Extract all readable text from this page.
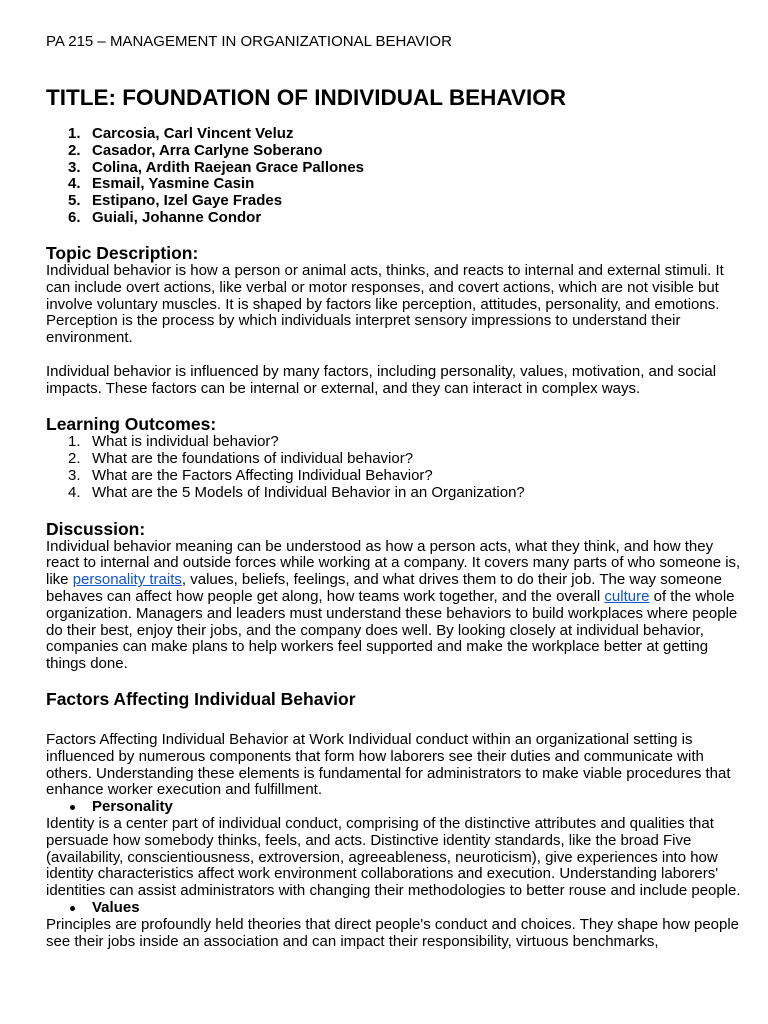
PA 215 – MANAGEMENT IN ORGANIZATIONAL BEHAVIOR
TITLE: FOUNDATION OF INDIVIDUAL BEHAVIOR
1. Carcosia, Carl Vincent Veluz
2. Casador, Arra Carlyne Soberano
3. Colina, Ardith Raejean Grace Pallones
4. Esmail, Yasmine Casin
5. Estipano, Izel Gaye Frades
6. Guiali, Johanne Condor
Topic Description:

Individual behavior is how a person or animal acts, thinks, and reacts to internal and external stimuli. It can include overt actions, like verbal or motor responses, and covert actions, which are not visible but involve voluntary muscles. It is shaped by factors like perception, attitudes, personality, and emotions. Perception is the process by which individuals interpret sensory impressions to understand their environment.

Individual behavior is influenced by many factors, including personality, values, motivation, and social impacts. These factors can be internal or external, and they can interact in complex ways.

Learning Outcomes:
1. What is individual behavior?
2. What are the foundations of individual behavior?
3. What are the Factors Affecting Individual Behavior?
4. What are the 5 Models of Individual Behavior in an Organization?
Discussion:

Individual behavior meaning can be understood as how a person acts, what they think, and how they react to internal and outside forces while working at a company. It covers many parts of who someone is, like personality traits, values, beliefs, feelings, and what drives them to do their job. The way someone behaves can affect how people get along, how teams work together, and the overall culture of the whole organization. Managers and leaders must understand these behaviors to build workplaces where people do their best, enjoy their jobs, and the company does well. By looking closely at individual behavior, companies can make plans to help workers feel supported and make the workplace better at getting things done.

Factors Affecting Individual Behavior

Factors Affecting Individual Behavior at Work Individual conduct within an organizational setting is influenced by numerous components that form how laborers see their duties and communicate with others. Understanding these elements is fundamental for administrators to make viable procedures that enhance worker execution and fulfillment.

Personality

Identity is a center part of individual conduct, comprising of the distinctive attributes and qualities that persuade how somebody thinks, feels, and acts. Distinctive identity standards, like the broad Five (availability, conscientiousness, extroversion, agreeableness, neuroticism), give experiences into how identity characteristics affect work environment collaborations and execution. Understanding laborers' identities can assist administrators with changing their methodologies to better rouse and include people.

Values

Principles are profoundly held theories that direct people's conduct and choices. They shape how people see their jobs inside an association and can impact their responsibility, virtuous benchmarks,
